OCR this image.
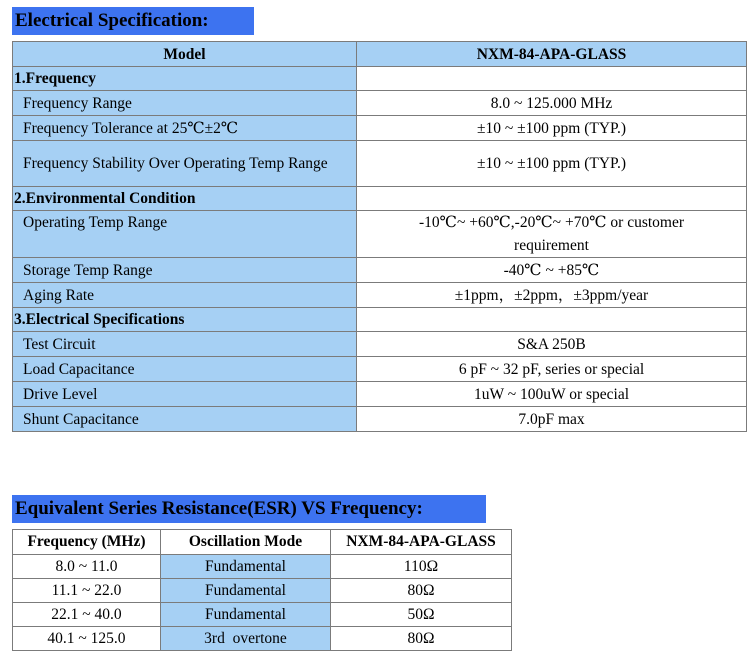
Electrical Specification:
Model	NXM-84-APA-GLASS
1.Frequency	
Frequency Range	8.0 ~ 125.000 MHz
Frequency Tolerance at 25℃±2℃	±10 ~ ±100 ppm (TYP.)
Frequency Stability Over Operating Temp Range	±10 ~ ±100 ppm (TYP.)
2.Environmental Condition	
Operating Temp Range	-10℃~ +60℃,-20℃~ +70℃ or customer requirement
Storage Temp Range	-40℃ ~ +85℃
Aging Rate	±1ppm，±2ppm，±3ppm/year
3.Electrical Specifications	
Test Circuit	S&A 250B
Load Capacitance	6 pF ~ 32 pF, series or special
Drive Level	1uW ~ 100uW or special
Shunt Capacitance	7.0pF max
Equivalent Series Resistance(ESR) VS Frequency:
Frequency (MHz)	Oscillation Mode	NXM-84-APA-GLASS
8.0 ~ 11.0	Fundamental	110Ω
11.1 ~ 22.0	Fundamental	80Ω
22.1 ~ 40.0	Fundamental	50Ω
40.1 ~ 125.0	3rd  overtone	80Ω
